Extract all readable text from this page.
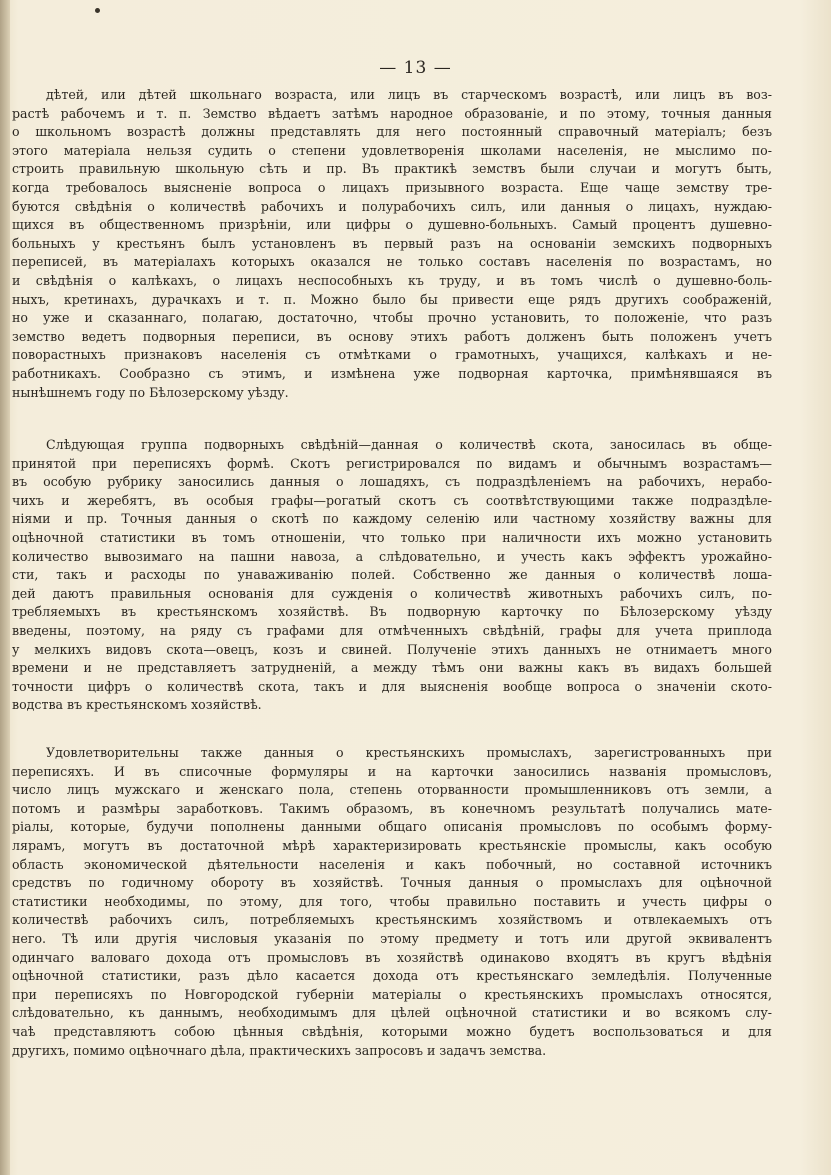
— 13 —
дѣтей, или дѣтей школьнаго возраста, или лицъ въ старческомъ возрастѣ, или лицъ въ воз-
растѣ рабочемъ и т. п. Земство вѣдаетъ затѣмъ народное образованіе, и по этому, точныя данныя
о школьномъ возрастѣ должны представлять для него постоянный справочный матеріалъ; безъ
этого матеріала нельзя судить о степени удовлетворенія школами населенія, не мыслимо по-
строить правильную школьную сѣть и пр. Въ практикѣ земствъ были случаи и могутъ быть,
когда требовалось выясненіе вопроса о лицахъ призывного возраста. Еще чаще земству тре-
буются свѣдѣнія о количествѣ рабочихъ и полурабочихъ силъ, или данныя о лицахъ, нуждаю-
щихся въ общественномъ призрѣніи, или цифры о душевно-больныхъ. Самый процентъ душевно-
больныхъ у крестьянъ былъ установленъ въ первый разъ на основаніи земскихъ подворныхъ
переписей, въ матеріалахъ которыхъ оказался не только составъ населенія по возрастамъ, но
и свѣдѣнія о калѣкахъ, о лицахъ неспособныхъ къ труду, и въ томъ числѣ о душевно-боль-
ныхъ, кретинахъ, дурачкахъ и т. п. Можно было бы привести еще рядъ другихъ соображеній,
но уже и сказаннаго, полагаю, достаточно, чтобы прочно установить, то положеніе, что разъ
земство ведетъ подворныя переписи, въ основу этихъ работъ долженъ быть положенъ учетъ
поворастныхъ признаковъ населенія съ отмѣтками о грамотныхъ, учащихся, калѣкахъ и не-
работникахъ. Сообразно съ этимъ, и измѣнена уже подворная карточка, примѣнявшаяся въ
нынѣшнемъ году по Бѣлозерскому уѣзду.
Слѣдующая группа подворныхъ свѣдѣній—данная о количествѣ скота, заносилась въ обще-
принятой при переписяхъ формѣ. Скотъ регистрировался по видамъ и обычнымъ возрастамъ—
въ особую рубрику заносились данныя о лошадяхъ, съ подраздѣленіемъ на рабочихъ, нерабо-
чихъ и жеребятъ, въ особыя графы—рогатый скотъ съ соотвѣтствующими также подраздѣле-
ніями и пр. Точныя данныя о скотѣ по каждому селенію или частному хозяйству важны для
оцѣночной статистики въ томъ отношеніи, что только при наличности ихъ можно установить
количество вывозимаго на пашни навоза, а слѣдовательно, и учесть какъ эффектъ урожайно-
сти, такъ и расходы по унаваживанію полей. Собственно же данныя о количествѣ лоша-
дей даютъ правильныя основанія для сужденія о количествѣ животныхъ рабочихъ силъ, по-
требляемыхъ въ крестьянскомъ хозяйствѣ. Въ подворную карточку по Бѣлозерскому уѣзду
введены, поэтому, на ряду съ графами для отмѣченныхъ свѣдѣній, графы для учета приплода
у мелкихъ видовъ скота—овецъ, козъ и свиней. Полученіе этихъ данныхъ не отнимаетъ много
времени и не представляетъ затрудненій, а между тѣмъ они важны какъ въ видахъ большей
точности цифръ о количествѣ скота, такъ и для выясненія вообще вопроса о значеніи ското-
водства въ крестьянскомъ хозяйствѣ.
Удовлетворительны также данныя о крестьянскихъ промыслахъ, зарегистрованныхъ при
переписяхъ. И въ списочные формуляры и на карточки заносились названія промысловъ,
число лицъ мужскаго и женскаго пола, степень оторванности промышленниковъ отъ земли, а
потомъ и размѣры заработковъ. Такимъ образомъ, въ конечномъ результатѣ получались мате-
ріалы, которые, будучи пополнены данными общаго описанія промысловъ по особымъ форму-
лярамъ, могутъ въ достаточной мѣрѣ характеризировать крестьянскіе промыслы, какъ особую
область экономической дѣятельности населенія и какъ побочный, но составной источникъ
средствъ по годичному обороту въ хозяйствѣ. Точныя данныя о промыслахъ для оцѣночной
статистики необходимы, по этому, для того, чтобы правильно поставить и учесть цифры о
количествѣ рабочихъ силъ, потребляемыхъ крестьянскимъ хозяйствомъ и отвлекаемыхъ отъ
него. Тѣ или другія числовыя указанія по этому предмету и тотъ или другой эквивалентъ
одинчаго валоваго дохода отъ промысловъ въ хозяйствѣ одинаково входятъ въ кругъ вѣдѣнія
оцѣночной статистики, разъ дѣло касается дохода отъ крестьянскаго земледѣлія. Полученные
при переписяхъ по Новгородской губерніи матеріалы о крестьянскихъ промыслахъ относятся,
слѣдовательно, къ даннымъ, необходимымъ для цѣлей оцѣночной статистики и во всякомъ слу-
чаѣ представляютъ собою цѣнныя свѣдѣнія, которыми можно будетъ воспользоваться и для
другихъ, помимо оцѣночнаго дѣла, практическихъ запросовъ и задачъ земства.
